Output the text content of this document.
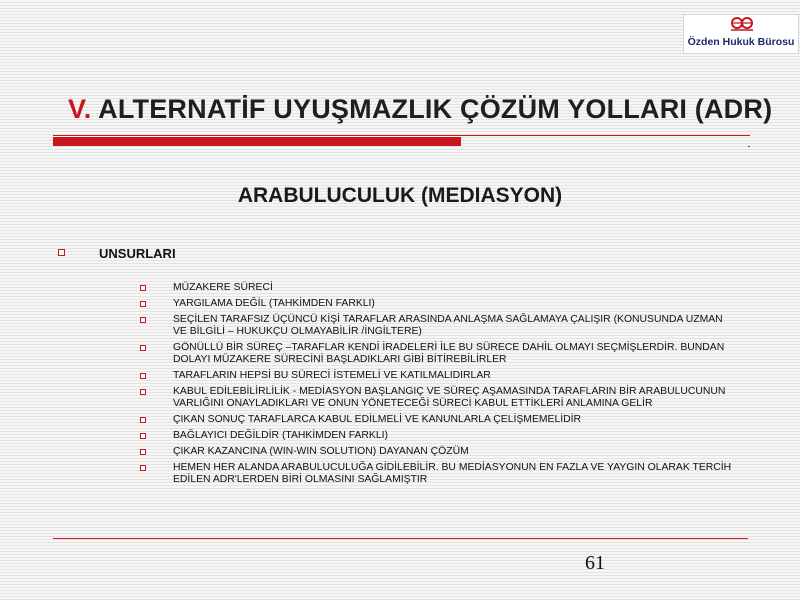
Özden Hukuk Bürosu
V. ALTERNATİF UYUŞMAZLIK ÇÖZÜM YOLLARI (ADR)
ARABULUCULUK (MEDIASYON)
UNSURLARI
MÜZAKERE SÜRECİ
YARGILAMA DEĞİL (TAHKİMDEN FARKLI)
SEÇİLEN TARAFSIZ ÜÇÜNCÜ KİŞİ TARAFLAR ARASINDA ANLAŞMA SAĞLAMAYA ÇALIŞIR (KONUSUNDA UZMAN VE BİLGİLİ – HUKUKÇU OLMAYABİLİR /İNGİLTERE)
GÖNÜLLÜ BİR SÜREÇ –TARAFLAR KENDİ İRADELERİ İLE BU SÜRECE DAHİL OLMAYI SEÇMİŞLERDİR. BUNDAN DOLAYI MÜZAKERE SÜRECİNİ BAŞLADIKLARI GİBİ BİTİREBİLİRLER
TARAFLARIN HEPSİ BU SÜRECİ İSTEMELİ VE KATILMALIDIRLAR
KABUL EDİLEBİLİRLİLİK - MEDİASYON BAŞLANGIÇ VE SÜREÇ AŞAMASINDA TARAFLARIN BİR ARABULUCUNUN VARLIĞINI ONAYLADIKLARI VE ONUN YÖNETECEĞİ SÜRECİ KABUL ETTİKLERİ ANLAMINA GELİR
ÇIKAN SONUÇ TARAFLARCA KABUL EDİLMELİ VE KANUNLARLA ÇELİŞMEMELİDİR
BAĞLAYICI DEĞİLDİR (TAHKİMDEN FARKLI)
ÇIKAR KAZANCINA (WIN-WIN SOLUTION) DAYANAN ÇÖZÜM
HEMEN HER ALANDA ARABULUCULUĞA GİDİLEBİLİR. BU MEDİASYONUN EN FAZLA VE YAYGIN OLARAK TERCİH EDİLEN ADR'LERDEN BİRİ OLMASINI SAĞLAMIŞTIR
61
